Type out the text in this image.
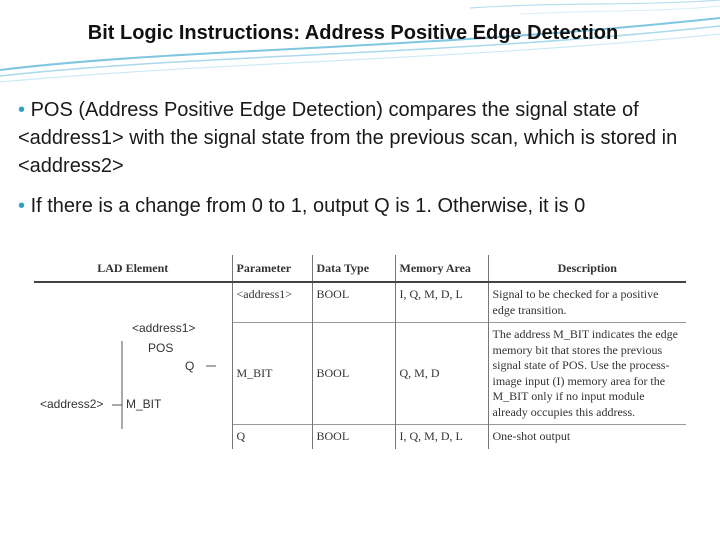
Bit Logic Instructions: Address Positive Edge Detection
• POS (Address Positive Edge Detection) compares the signal state of <address1> with the signal state from the previous scan, which is stored in <address2>
• If there is a change from 0 to 1, output Q is 1. Otherwise, it is 0
LAD Element	Parameter	Data Type	Memory Area	Description

<address1>
POS
Q
<address2> M_BIT	<address1>	BOOL	I, Q, M, D, L	Signal to be checked for a positive edge transition.
	M_BIT	BOOL	Q, M, D	The address M_BIT indicates the edge memory bit that stores the previous signal state of POS. Use the process-image input (I) memory area for the M_BIT only if no input module already occupies this address.
	Q	BOOL	I, Q, M, D, L	One-shot output
